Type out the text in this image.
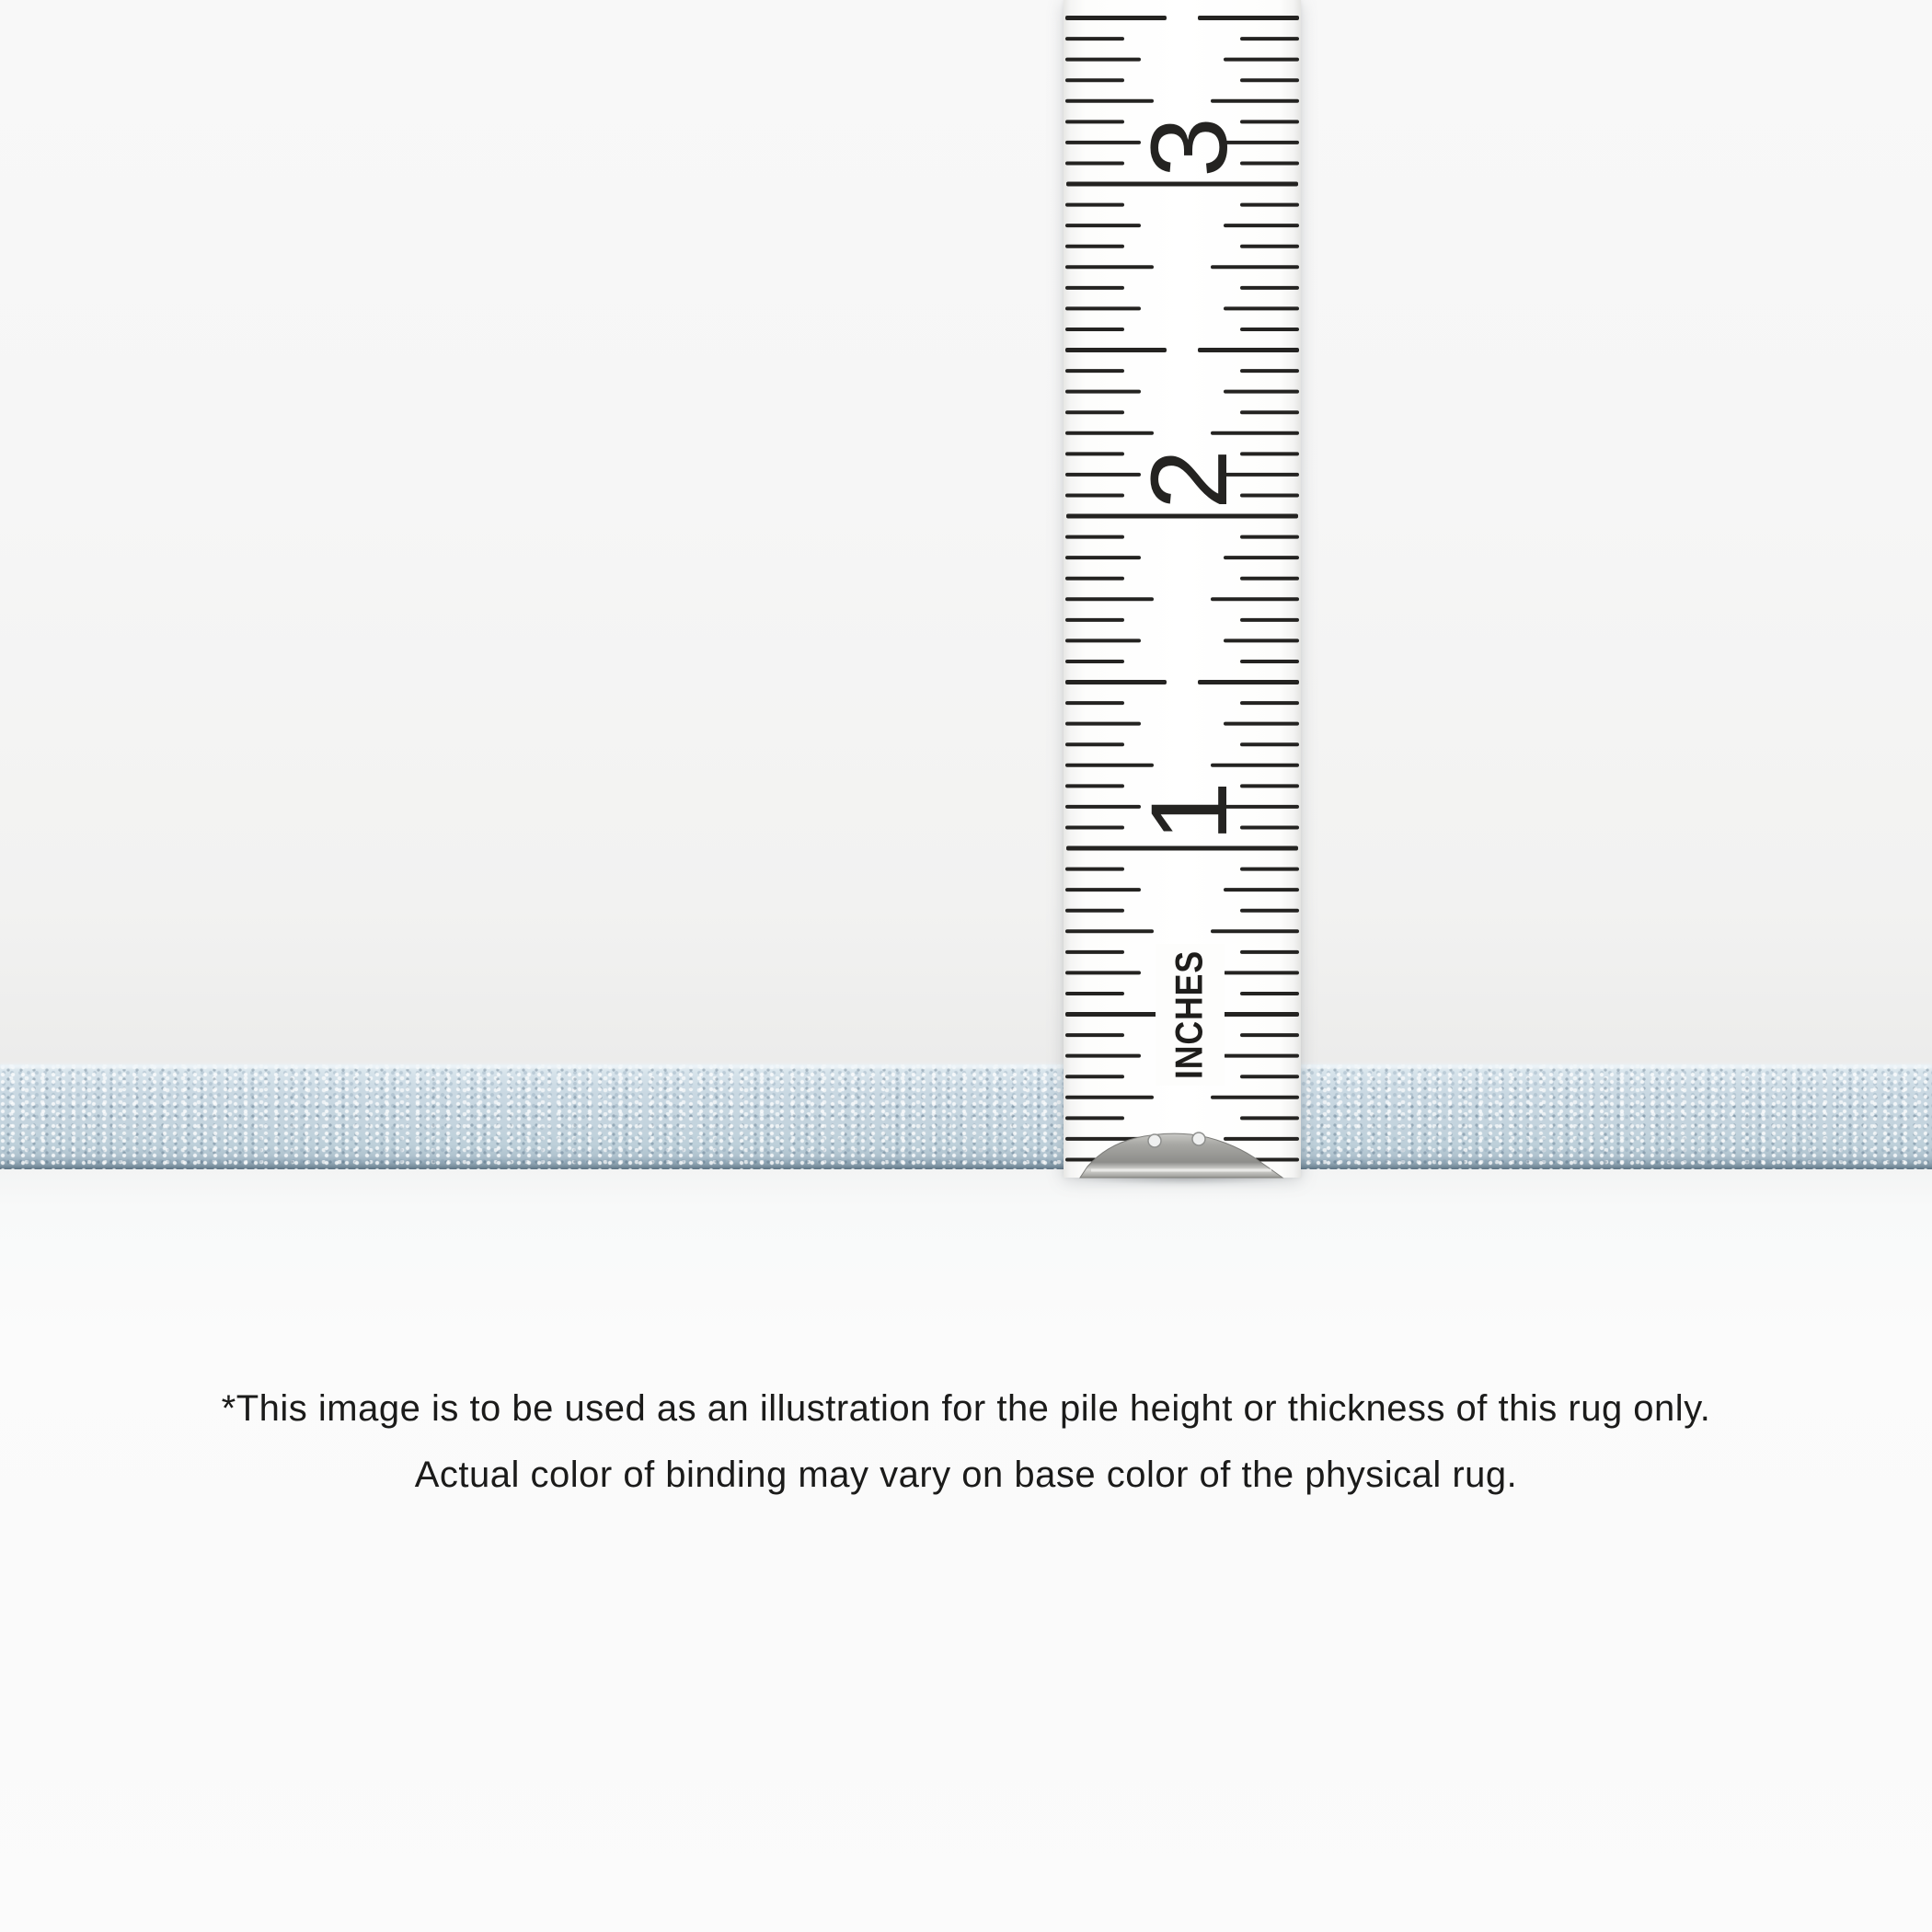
1
2
3
INCHES

*This image is to be used as an illustration for the pile height or thickness of this rug only.

Actual color of binding may vary on base color of the physical rug.
